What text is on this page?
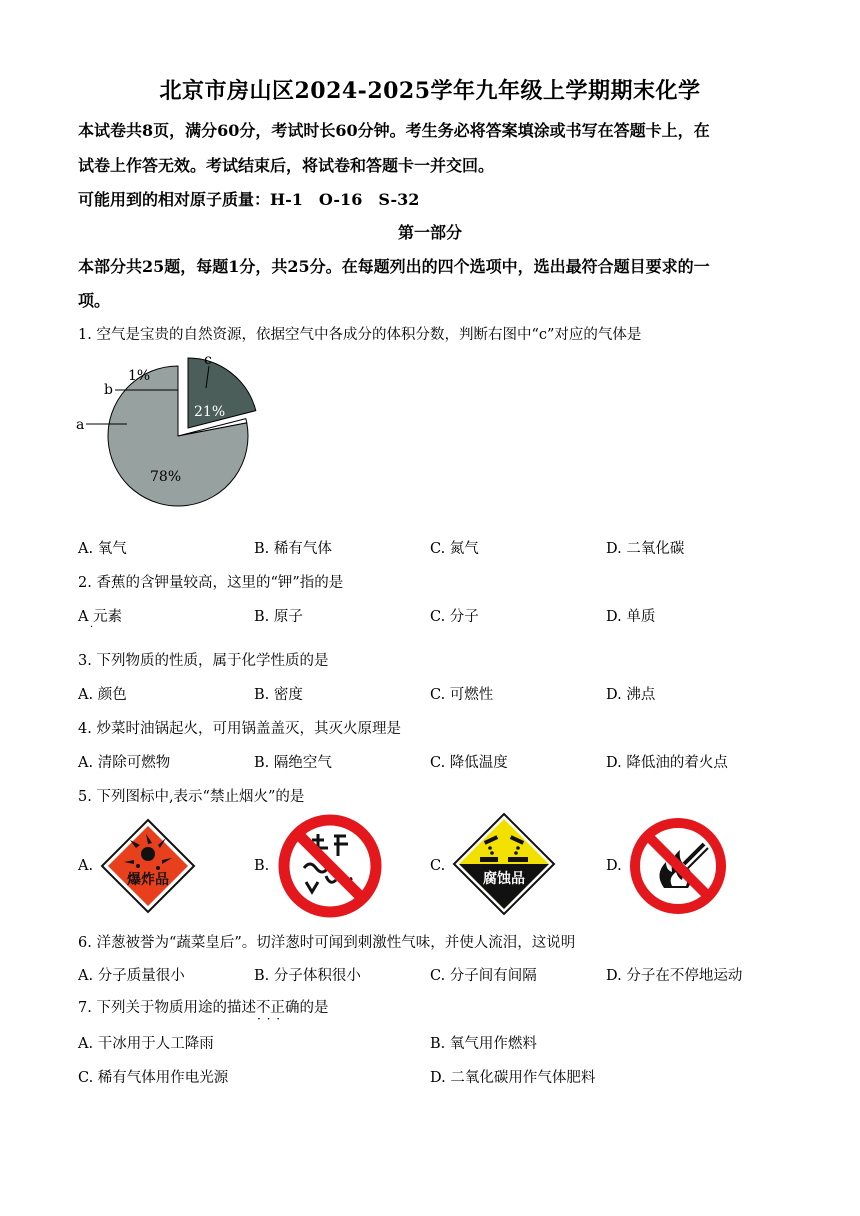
北京市房山区2024-2025学年九年级上学期期末化学
本试卷共8页，满分60分，考试时长60分钟。考生务必将答案填涂或书写在答题卡上，在
试卷上作答无效。考试结束后，将试卷和答题卡一并交回。
可能用到的相对原子质量：H-1　O-16　S-32
第一部分
本部分共25题，每题1分，共25分。在每题列出的四个选项中，选出最符合题目要求的一
项。
1. 空气是宝贵的自然资源，依据空气中各成分的体积分数，判断右图中“c”对应的气体是
a
b
c
1%
78%
21%
A. 氧气	B. 稀有气体	C. 氮气	D. 二氧化碳
2. 香蕉的含钾量较高，这里的“钾”指的是
A 元素
·
B. 原子	C. 分子	D. 单质
3. 下列物质的性质，属于化学性质的是
A. 颜色	B. 密度	C. 可燃性	D. 沸点
4. 炒菜时油锅起火，可用锅盖盖灭，其灭火原理是
A. 清除可燃物	B. 隔绝空气	C. 降低温度	D. 降低油的着火点
5. 下列图标中,表示“禁止烟火”的是
A.
爆炸品
B.	C.
腐蚀品
D.
6. 洋葱被誉为“蔬菜皇后”。切洋葱时可闻到刺激性气味，并使人流泪，这说明
A. 分子质量很小	B. 分子体积很小	C. 分子间有间隔	D. 分子在不停地运动
7. 下列关于物质用途的描述不正确 · · ·的是
A. 干冰用于人工降雨	B. 氧气用作燃料
C. 稀有气体用作电光源	D. 二氧化碳用作气体肥料
